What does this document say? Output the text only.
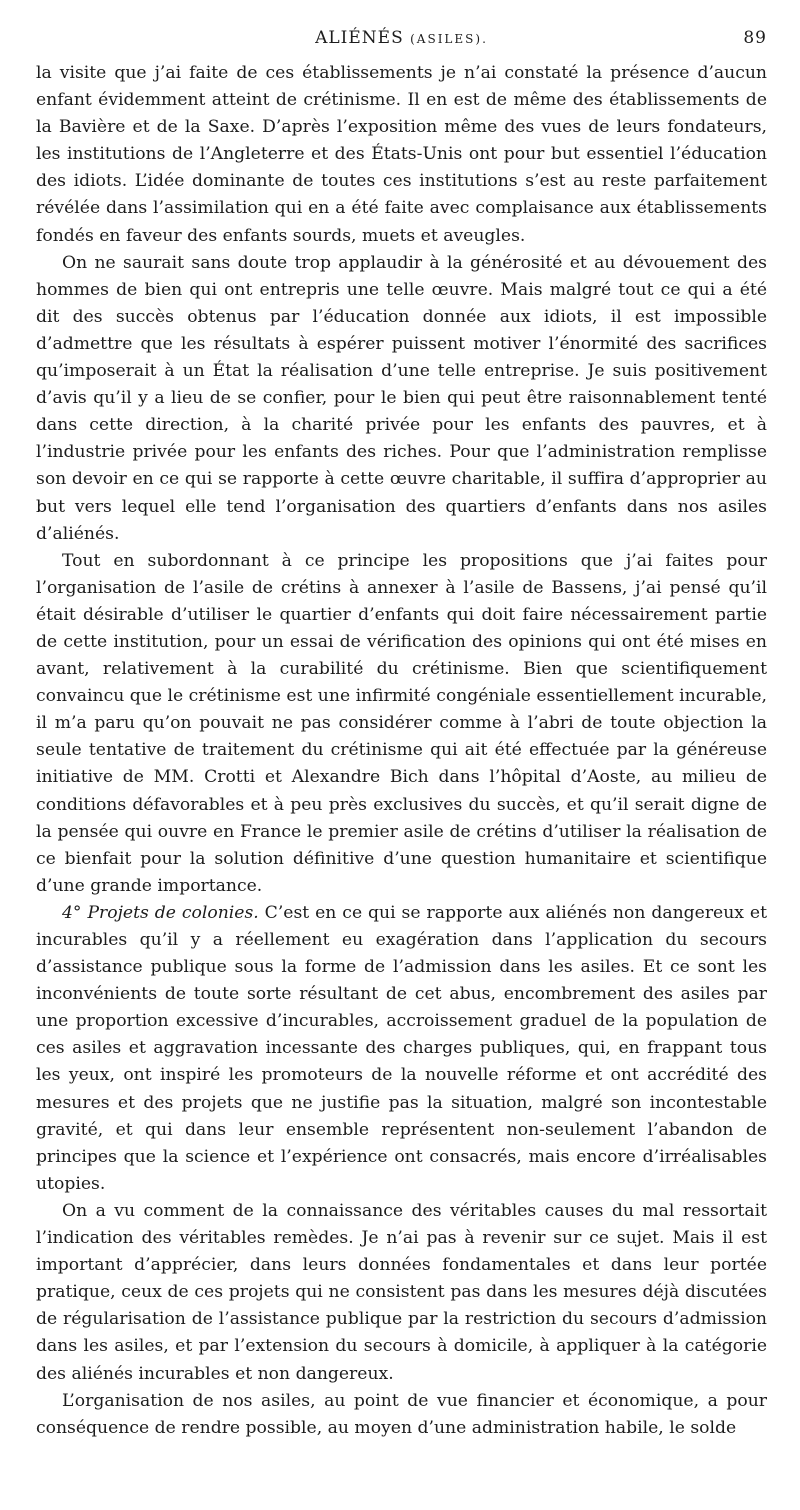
ALIÉNÉS (ASILES).	89

la visite que j’ai faite de ces établissements je n’ai constaté la présence d’aucun enfant évidemment atteint de crétinisme. Il en est de même des établissements de la Bavière et de la Saxe. D’après l’exposition même des vues de leurs fondateurs, les institutions de l’Angleterre et des États-Unis ont pour but essentiel l’éducation des idiots. L’idée dominante de toutes ces institutions s’est au reste parfaitement révélée dans l’assimilation qui en a été faite avec complaisance aux établissements fondés en faveur des enfants sourds, muets et aveugles.

On ne saurait sans doute trop applaudir à la générosité et au dévouement des hommes de bien qui ont entrepris une telle œuvre. Mais malgré tout ce qui a été dit des succès obtenus par l’éducation donnée aux idiots, il est impossible d’admettre que les résultats à espérer puissent motiver l’énormité des sacrifices qu’imposerait à un État la réalisation d’une telle entreprise. Je suis positivement d’avis qu’il y a lieu de se confier, pour le bien qui peut être raisonnablement tenté dans cette direction, à la charité privée pour les enfants des pauvres, et à l’industrie privée pour les enfants des riches. Pour que l’administration remplisse son devoir en ce qui se rapporte à cette œuvre charitable, il suffira d’approprier au but vers lequel elle tend l’organisation des quartiers d’enfants dans nos asiles d’aliénés.

Tout en subordonnant à ce principe les propositions que j’ai faites pour l’organisation de l’asile de crétins à annexer à l’asile de Bassens, j’ai pensé qu’il était désirable d’utiliser le quartier d’enfants qui doit faire nécessairement partie de cette institution, pour un essai de vérification des opinions qui ont été mises en avant, relativement à la curabilité du crétinisme. Bien que scientifiquement convaincu que le crétinisme est une infirmité congéniale essentiellement incurable, il m’a paru qu’on pouvait ne pas considérer comme à l’abri de toute objection la seule tentative de traitement du crétinisme qui ait été effectuée par la généreuse initiative de MM. Crotti et Alexandre Bich dans l’hôpital d’Aoste, au milieu de conditions défavorables et à peu près exclusives du succès, et qu’il serait digne de la pensée qui ouvre en France le premier asile de crétins d’utiliser la réalisation de ce bienfait pour la solution définitive d’une question humanitaire et scientifique d’une grande importance.

4° Projets de colonies. C’est en ce qui se rapporte aux aliénés non dangereux et incurables qu’il y a réellement eu exagération dans l’application du secours d’assistance publique sous la forme de l’admission dans les asiles. Et ce sont les inconvénients de toute sorte résultant de cet abus, encombrement des asiles par une proportion excessive d’incurables, accroissement graduel de la population de ces asiles et aggravation incessante des charges publiques, qui, en frappant tous les yeux, ont inspiré les promoteurs de la nouvelle réforme et ont accrédité des mesures et des projets que ne justifie pas la situation, malgré son incontestable gravité, et qui dans leur ensemble représentent non-seulement l’abandon de principes que la science et l’expérience ont consacrés, mais encore d’irréalisables utopies.

On a vu comment de la connaissance des véritables causes du mal ressortait l’indication des véritables remèdes. Je n’ai pas à revenir sur ce sujet. Mais il est important d’apprécier, dans leurs données fondamentales et dans leur portée pratique, ceux de ces projets qui ne consistent pas dans les mesures déjà discutées de régularisation de l’assistance publique par la restriction du secours d’admission dans les asiles, et par l’extension du secours à domicile, à appliquer à la catégorie des aliénés incurables et non dangereux.

L’organisation de nos asiles, au point de vue financier et économique, a pour conséquence de rendre possible, au moyen d’une administration habile, le solde
